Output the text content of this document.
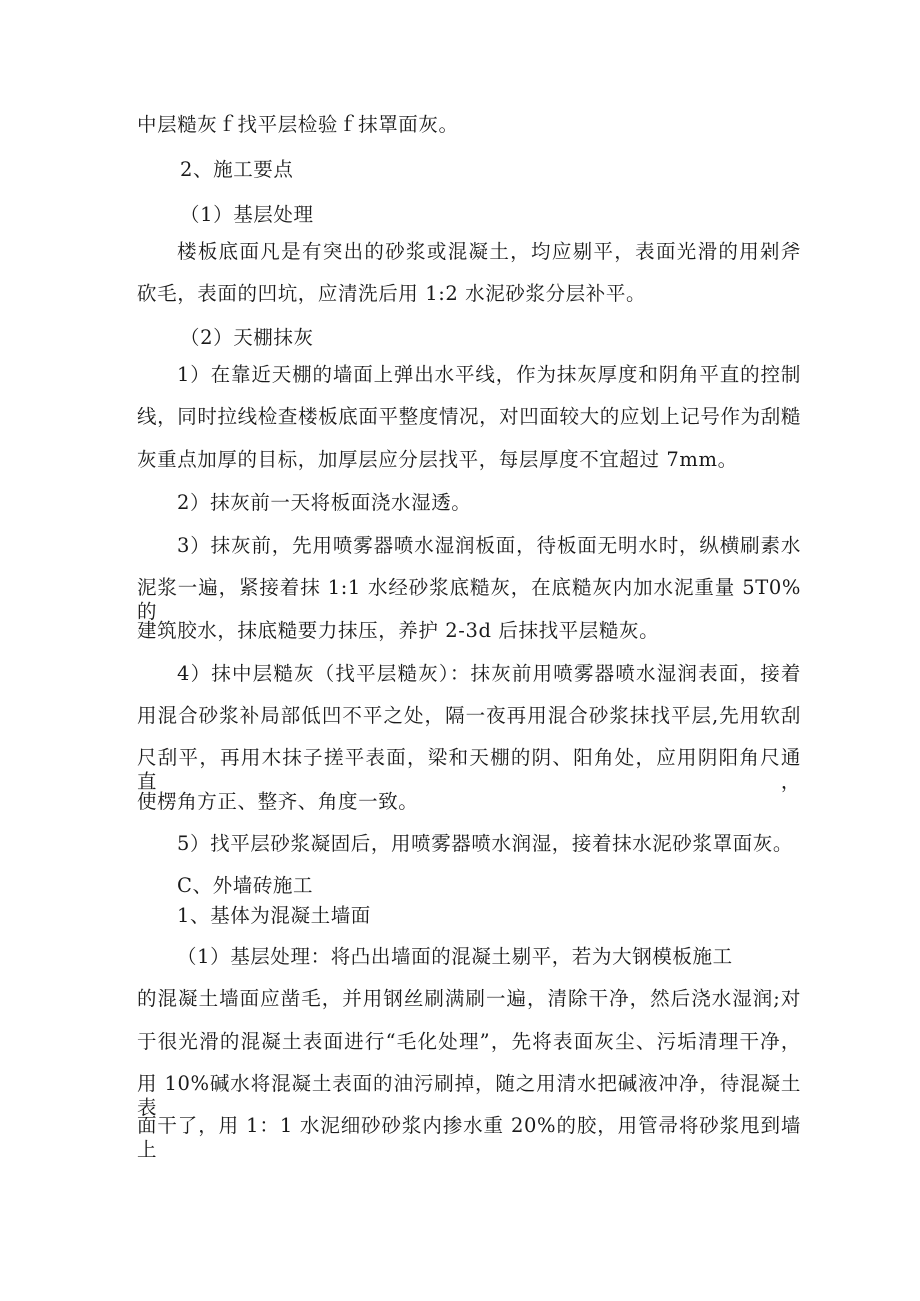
中层糙灰ｆ找平层检验ｆ抹罩面灰。
2、施工要点
（1）基层处理
楼板底面凡是有突出的砂浆或混凝土，均应剔平，表面光滑的用剁斧
砍毛，表面的凹坑，应清洗后用 1:2 水泥砂浆分层补平。
（2）天棚抹灰
1）在靠近天棚的墙面上弹出水平线，作为抹灰厚度和阴角平直的控制
线，同时拉线检查楼板底面平整度情况，对凹面较大的应划上记号作为刮糙
灰重点加厚的目标，加厚层应分层找平，每层厚度不宜超过 7mm。
2）抹灰前一天将板面浇水湿透。
3）抹灰前，先用喷雾器喷水湿润板面，待板面无明水时，纵横刷素水
泥浆一遍，紧接着抹 1:1 水经砂浆底糙灰，在底糙灰内加水泥重量 5T0%的
建筑胶水，抹底糙要力抹压，养护 2-3d 后抹找平层糙灰。
4）抹中层糙灰（找平层糙灰）：抹灰前用喷雾器喷水湿润表面，接着
用混合砂浆补局部低凹不平之处，隔一夜再用混合砂浆抹找平层,先用软刮
尺刮平，再用木抹子搓平表面，梁和天棚的阴、阳角处，应用阴阳角尺通直，
使楞角方正、整齐、角度一致。
5）找平层砂浆凝固后，用喷雾器喷水润湿，接着抹水泥砂浆罩面灰。
C、外墙砖施工
1、基体为混凝土墙面
（1）基层处理：将凸出墙面的混凝土剔平，若为大钢模板施工
的混凝土墙面应凿毛，并用钢丝刷满刷一遍，清除干净，然后浇水湿润;对
于很光滑的混凝土表面进行“毛化处理”，先将表面灰尘、污垢清理干净，
用 10%碱水将混凝土表面的油污刷掉，随之用清水把碱液冲净，待混凝土表
面干了，用 1：1 水泥细砂砂浆内掺水重 20%的胶，用管帚将砂浆甩到墙上
